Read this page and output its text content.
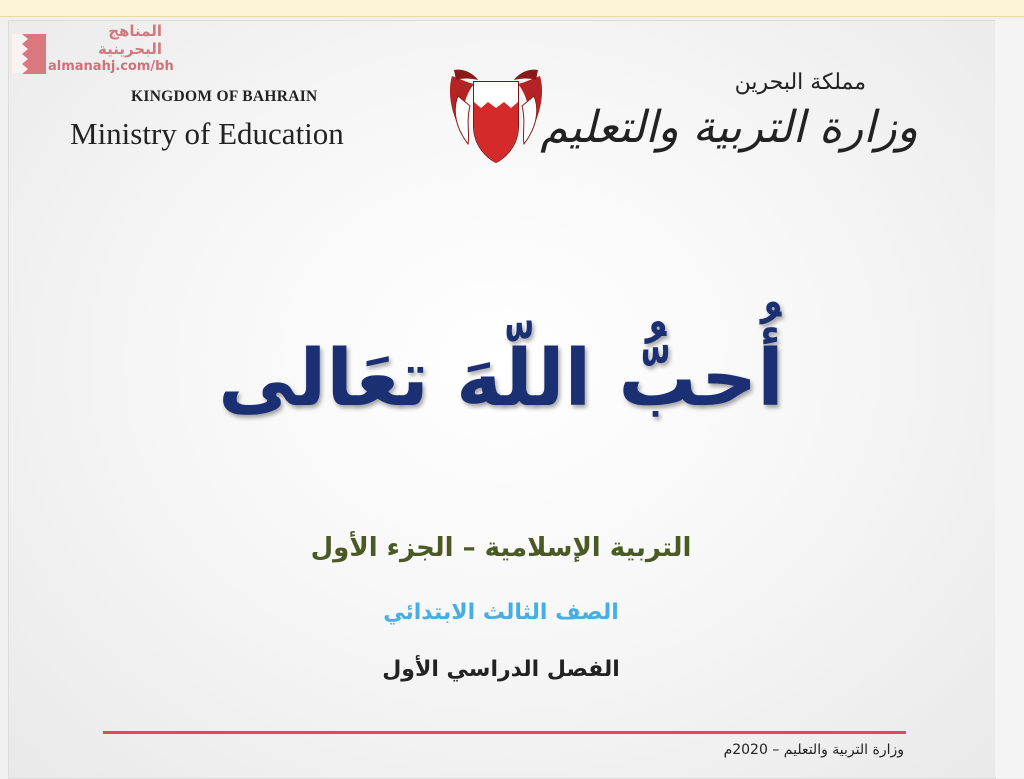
المناهج
البحرينية
almanahj.com/bh
KINGDOM OF BAHRAIN
Ministry of Education
مملكة البحرين
وزارة التربية والتعليم
أُحبُّ اللّهَ تعَالى
التربية الإسلامية – الجزء الأول
الصف الثالث الابتدائي
الفصل الدراسي الأول
وزارة التربية والتعليم – 2020م
